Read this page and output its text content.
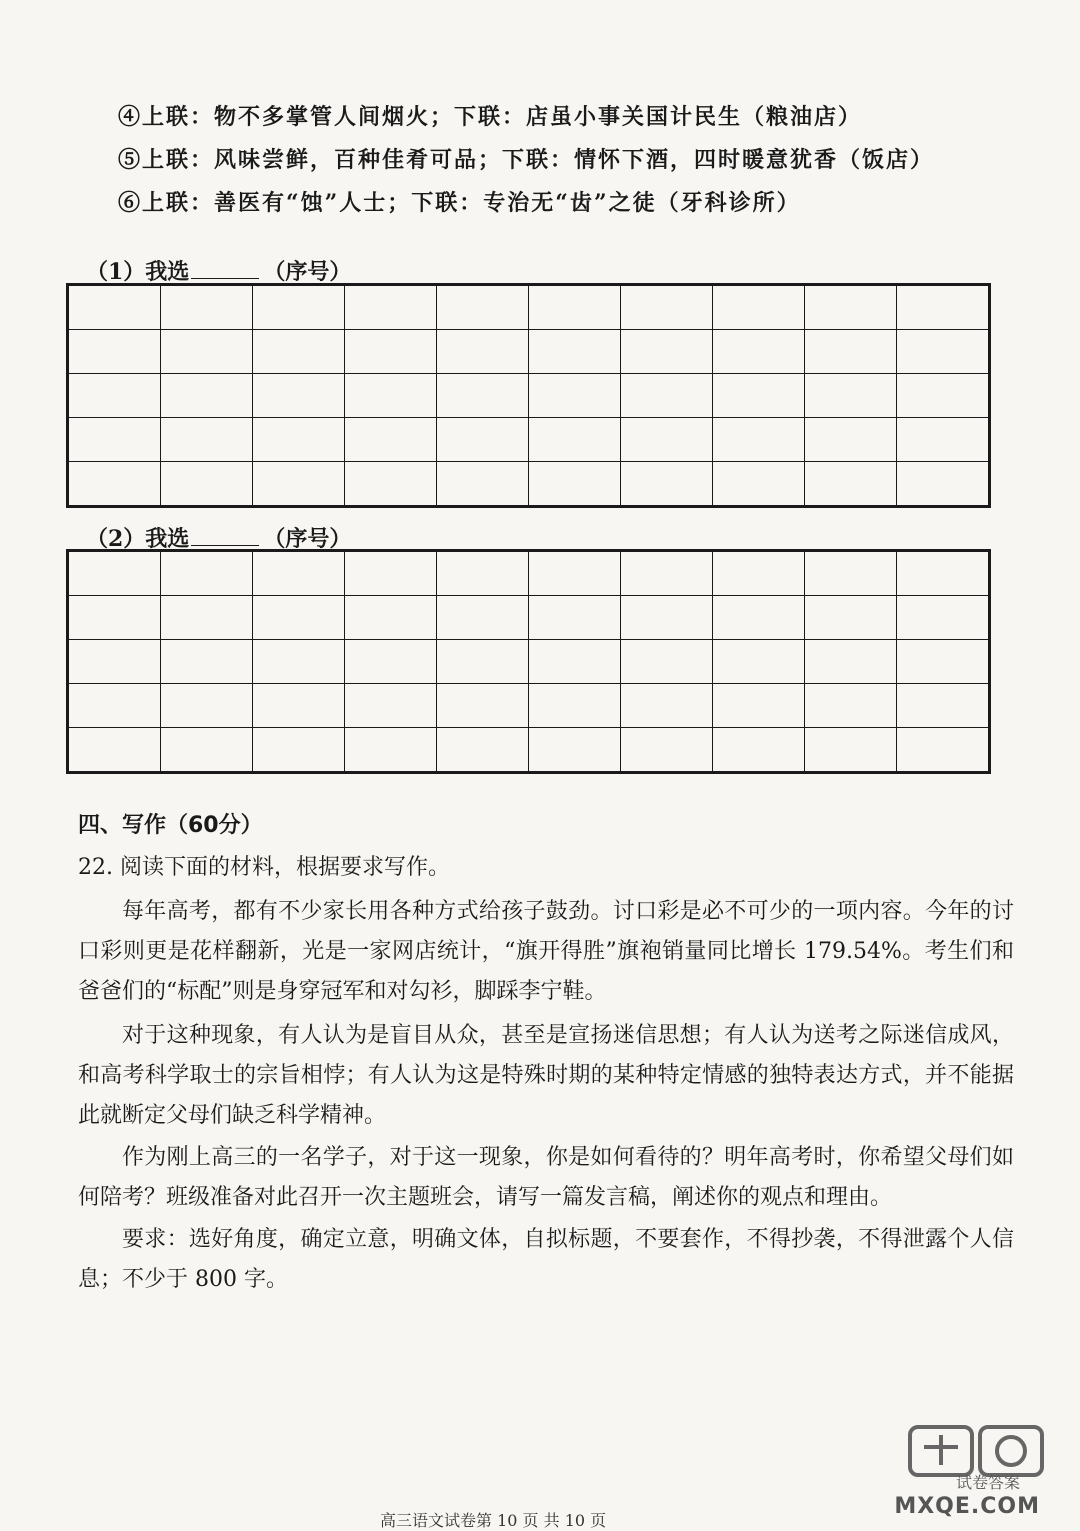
④上联：物不多掌管人间烟火；下联：店虽小事关国计民生（粮油店）
⑤上联：风味尝鲜，百种佳肴可品；下联：情怀下酒，四时暖意犹香（饭店）
⑥上联：善医有“蚀”人士；下联：专治无“齿”之徒（牙科诊所）
（1）我选	（序号）

（2）我选	（序号）

四、写作（60分）
22. 阅读下面的材料，根据要求写作。
每年高考，都有不少家长用各种方式给孩子鼓劲。讨口彩是必不可少的一项内容。今年的讨口彩则更是花样翻新，光是一家网店统计，“旗开得胜”旗袍销量同比增长 179.54%。考生们和爸爸们的“标配”则是身穿冠军和对勾衫，脚踩李宁鞋。
对于这种现象，有人认为是盲目从众，甚至是宣扬迷信思想；有人认为送考之际迷信成风，和高考科学取士的宗旨相悖；有人认为这是特殊时期的某种特定情感的独特表达方式，并不能据此就断定父母们缺乏科学精神。
作为刚上高三的一名学子，对于这一现象，你是如何看待的？明年高考时，你希望父母们如何陪考？班级准备对此召开一次主题班会，请写一篇发言稿，阐述你的观点和理由。
要求：选好角度，确定立意，明确文体，自拟标题，不要套作，不得抄袭，不得泄露个人信息；不少于 800 字。
试卷答案
MXQE.COM
高三语文试卷第 10 页 共 10 页
